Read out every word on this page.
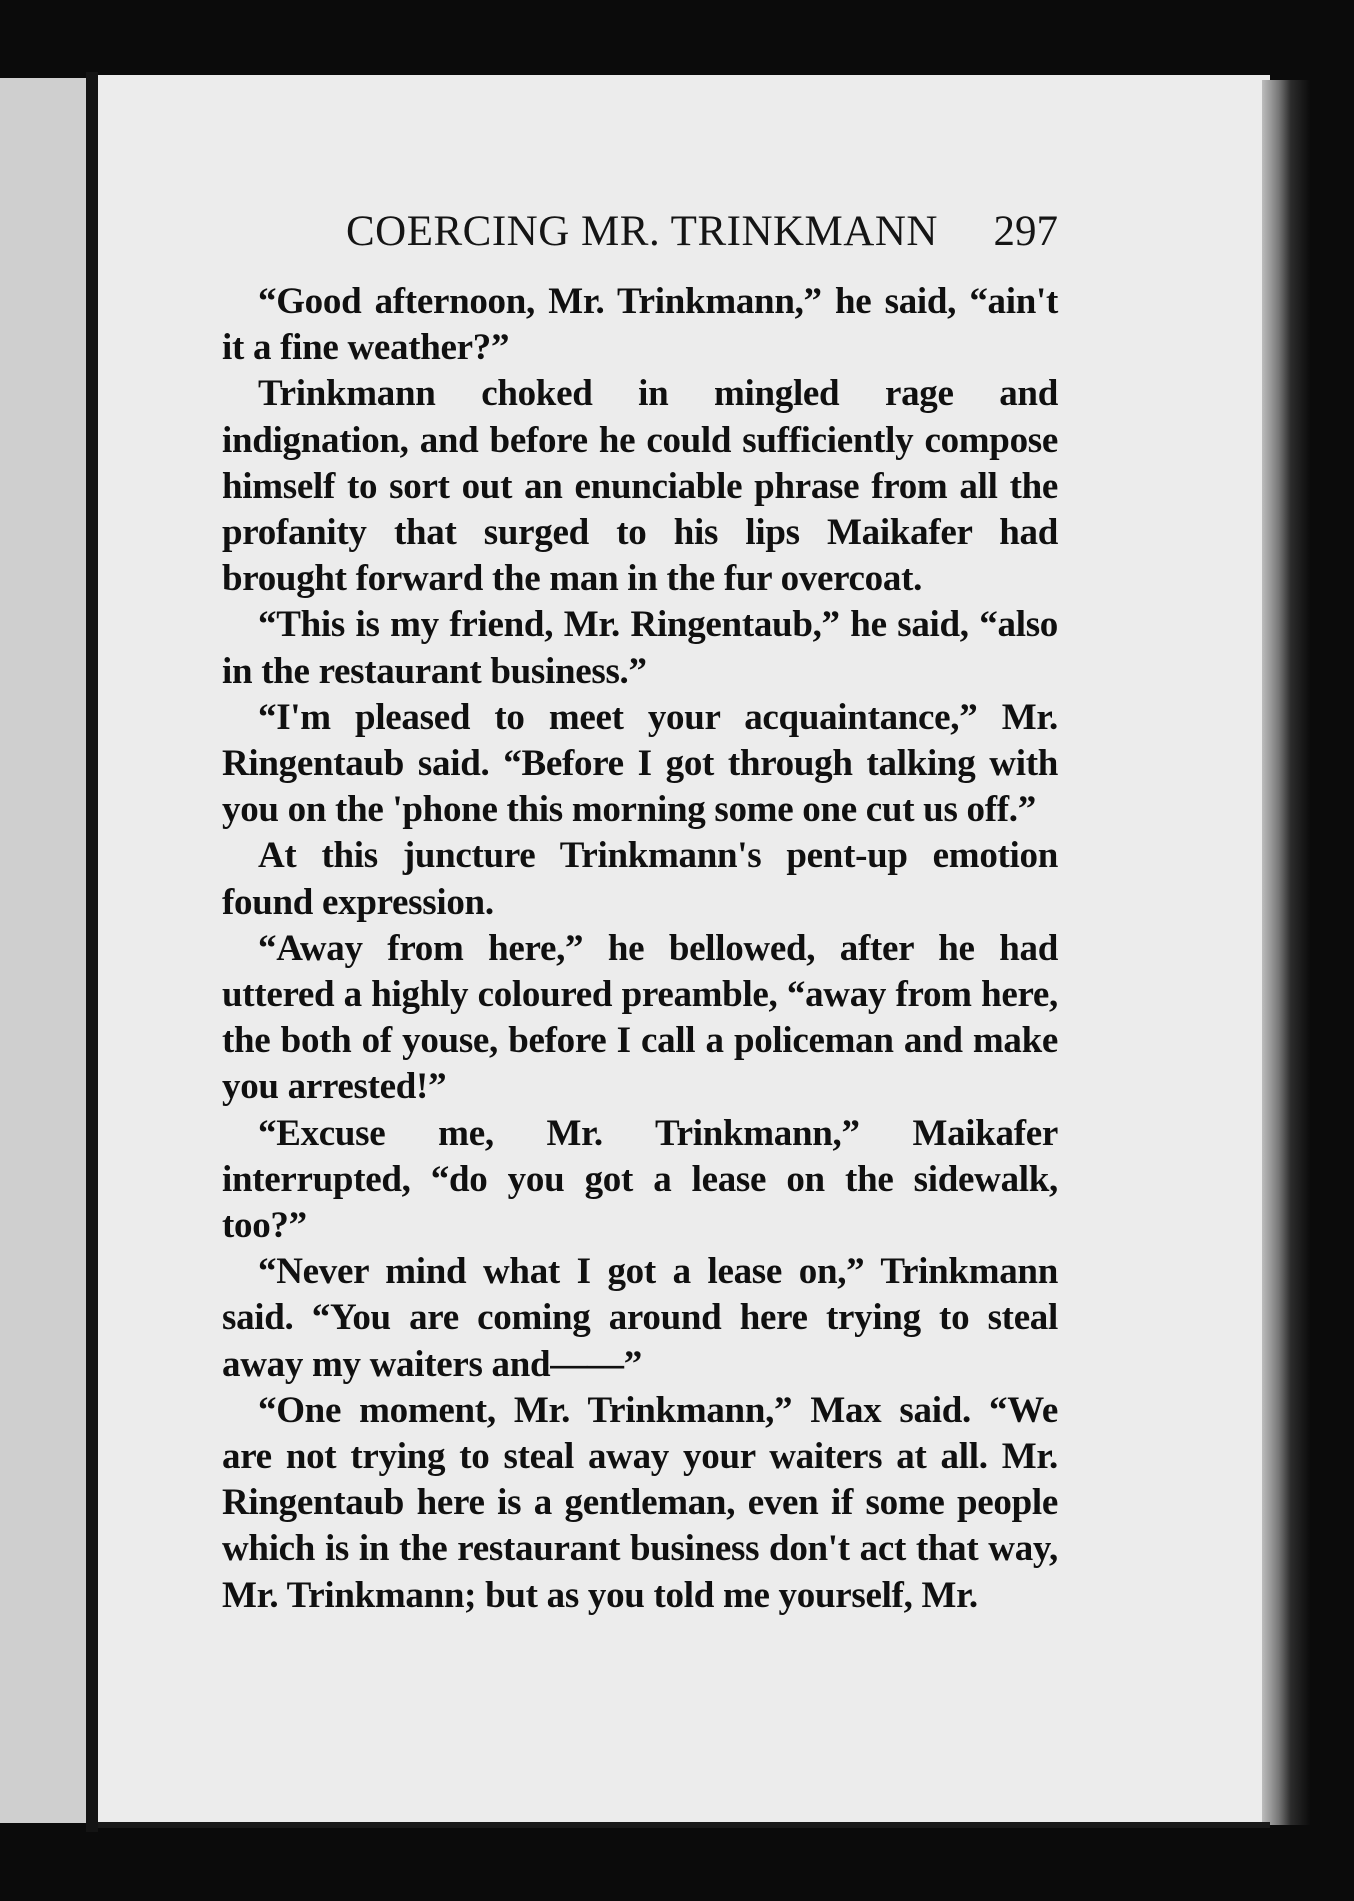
COERCING MR. TRINKMANN 297

“Good afternoon, Mr. Trinkmann,” he said, “ain't it a fine weather?”

Trinkmann choked in mingled rage and indignation, and before he could sufficiently compose himself to sort out an enunciable phrase from all the profanity that surged to his lips Maikafer had brought forward the man in the fur overcoat.

“This is my friend, Mr. Ringentaub,” he said, “also in the restaurant business.”

“I'm pleased to meet your acquaintance,” Mr. Ringentaub said. “Before I got through talking with you on the 'phone this morning some one cut us off.”

At this juncture Trinkmann's pent-up emotion found expression.

“Away from here,” he bellowed, after he had uttered a highly coloured preamble, “away from here, the both of youse, before I call a policeman and make you arrested!”

“Excuse me, Mr. Trinkmann,” Maikafer interrupted, “do you got a lease on the sidewalk, too?”

“Never mind what I got a lease on,” Trinkmann said. “You are coming around here trying to steal away my waiters and——”

“One moment, Mr. Trinkmann,” Max said. “We are not trying to steal away your waiters at all. Mr. Ringentaub here is a gentleman, even if some people which is in the restaurant business don't act that way, Mr. Trinkmann; but as you told me yourself, Mr.
